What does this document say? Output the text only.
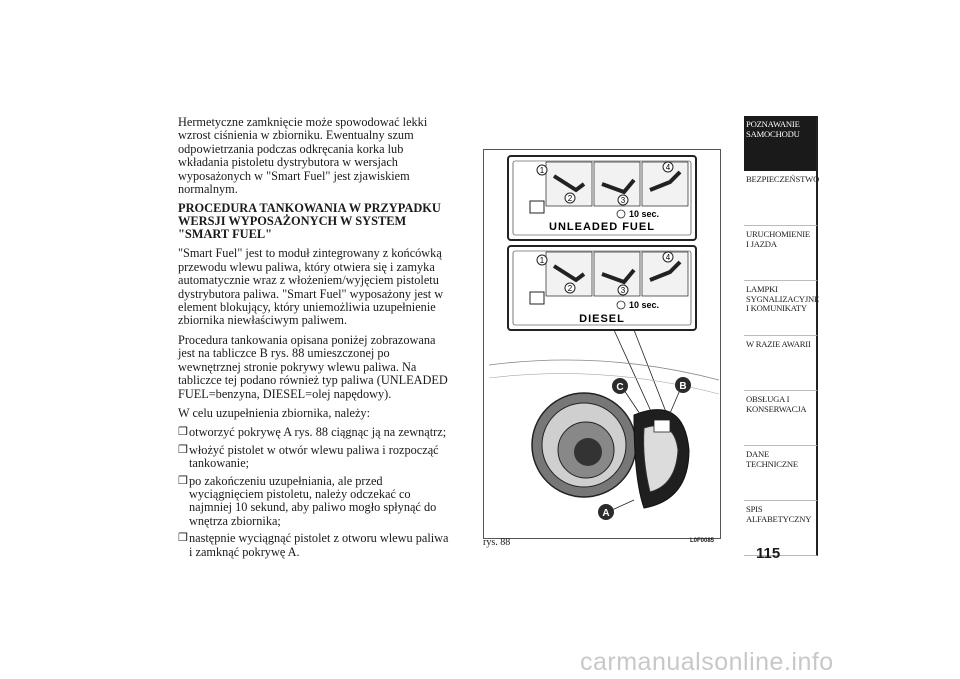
Hermetyczne zamknięcie może spowodować lekki wzrost ciśnienia w zbiorniku. Ewentualny szum odpowietrzania podczas odkręcania korka lub wkładania pistoletu dystrybutora w wersjach wyposażonych w "Smart Fuel" jest zjawiskiem normalnym.

PROCEDURA TANKOWANIA W PRZYPADKU WERSJI WYPOSAŻONYCH W SYSTEM "SMART FUEL"

"Smart Fuel" jest to moduł zintegrowany z końcówką przewodu wlewu paliwa, który otwiera się i zamyka automatycznie wraz z włożeniem/wyjęciem pistoletu dystrybutora paliwa. "Smart Fuel" wyposażony jest w element blokujący, który uniemożliwia uzupełnienie zbiornika niewłaściwym paliwem.

Procedura tankowania opisana poniżej zobrazowana jest na tabliczce B rys. 88 umieszczonej po wewnętrznej stronie pokrywy wlewu paliwa. Na tabliczce tej podano również typ paliwa (UNLEADED FUEL=benzyna, DIESEL=olej napędowy).

W celu uzupełnienia zbiornika, należy:

❒ otworzyć pokrywę A rys. 88 ciągnąc ją na zewnątrz;
❒ włożyć pistolet w otwór wlewu paliwa i rozpocząć tankowanie;
❒ po zakończeniu uzupełniania, ale przed wyciągnięciem pistoletu, należy odczekać co najmniej 10 sekund, aby paliwo mogło spłynąć do wnętrza zbiornika;
❒ następnie wyciągnąć pistolet z otworu wlewu paliwa i zamknąć pokrywę A.
1
2	3
4
10 sec.
UNLEADED FUEL
1
2	3
4
10 sec.
DIESEL
C	B
A
rys. 88	L0F0085
POZNAWANIE SAMOCHODU
BEZPIECZEŃSTWO
URUCHOMIENIE I JAZDA
LAMPKI SYGNALIZACYJNE I KOMUNIKATY
W RAZIE AWARII
OBSŁUGA I KONSERWACJA
DANE TECHNICZNE
SPIS ALFABETYCZNY
115
carmanualsonline.info
